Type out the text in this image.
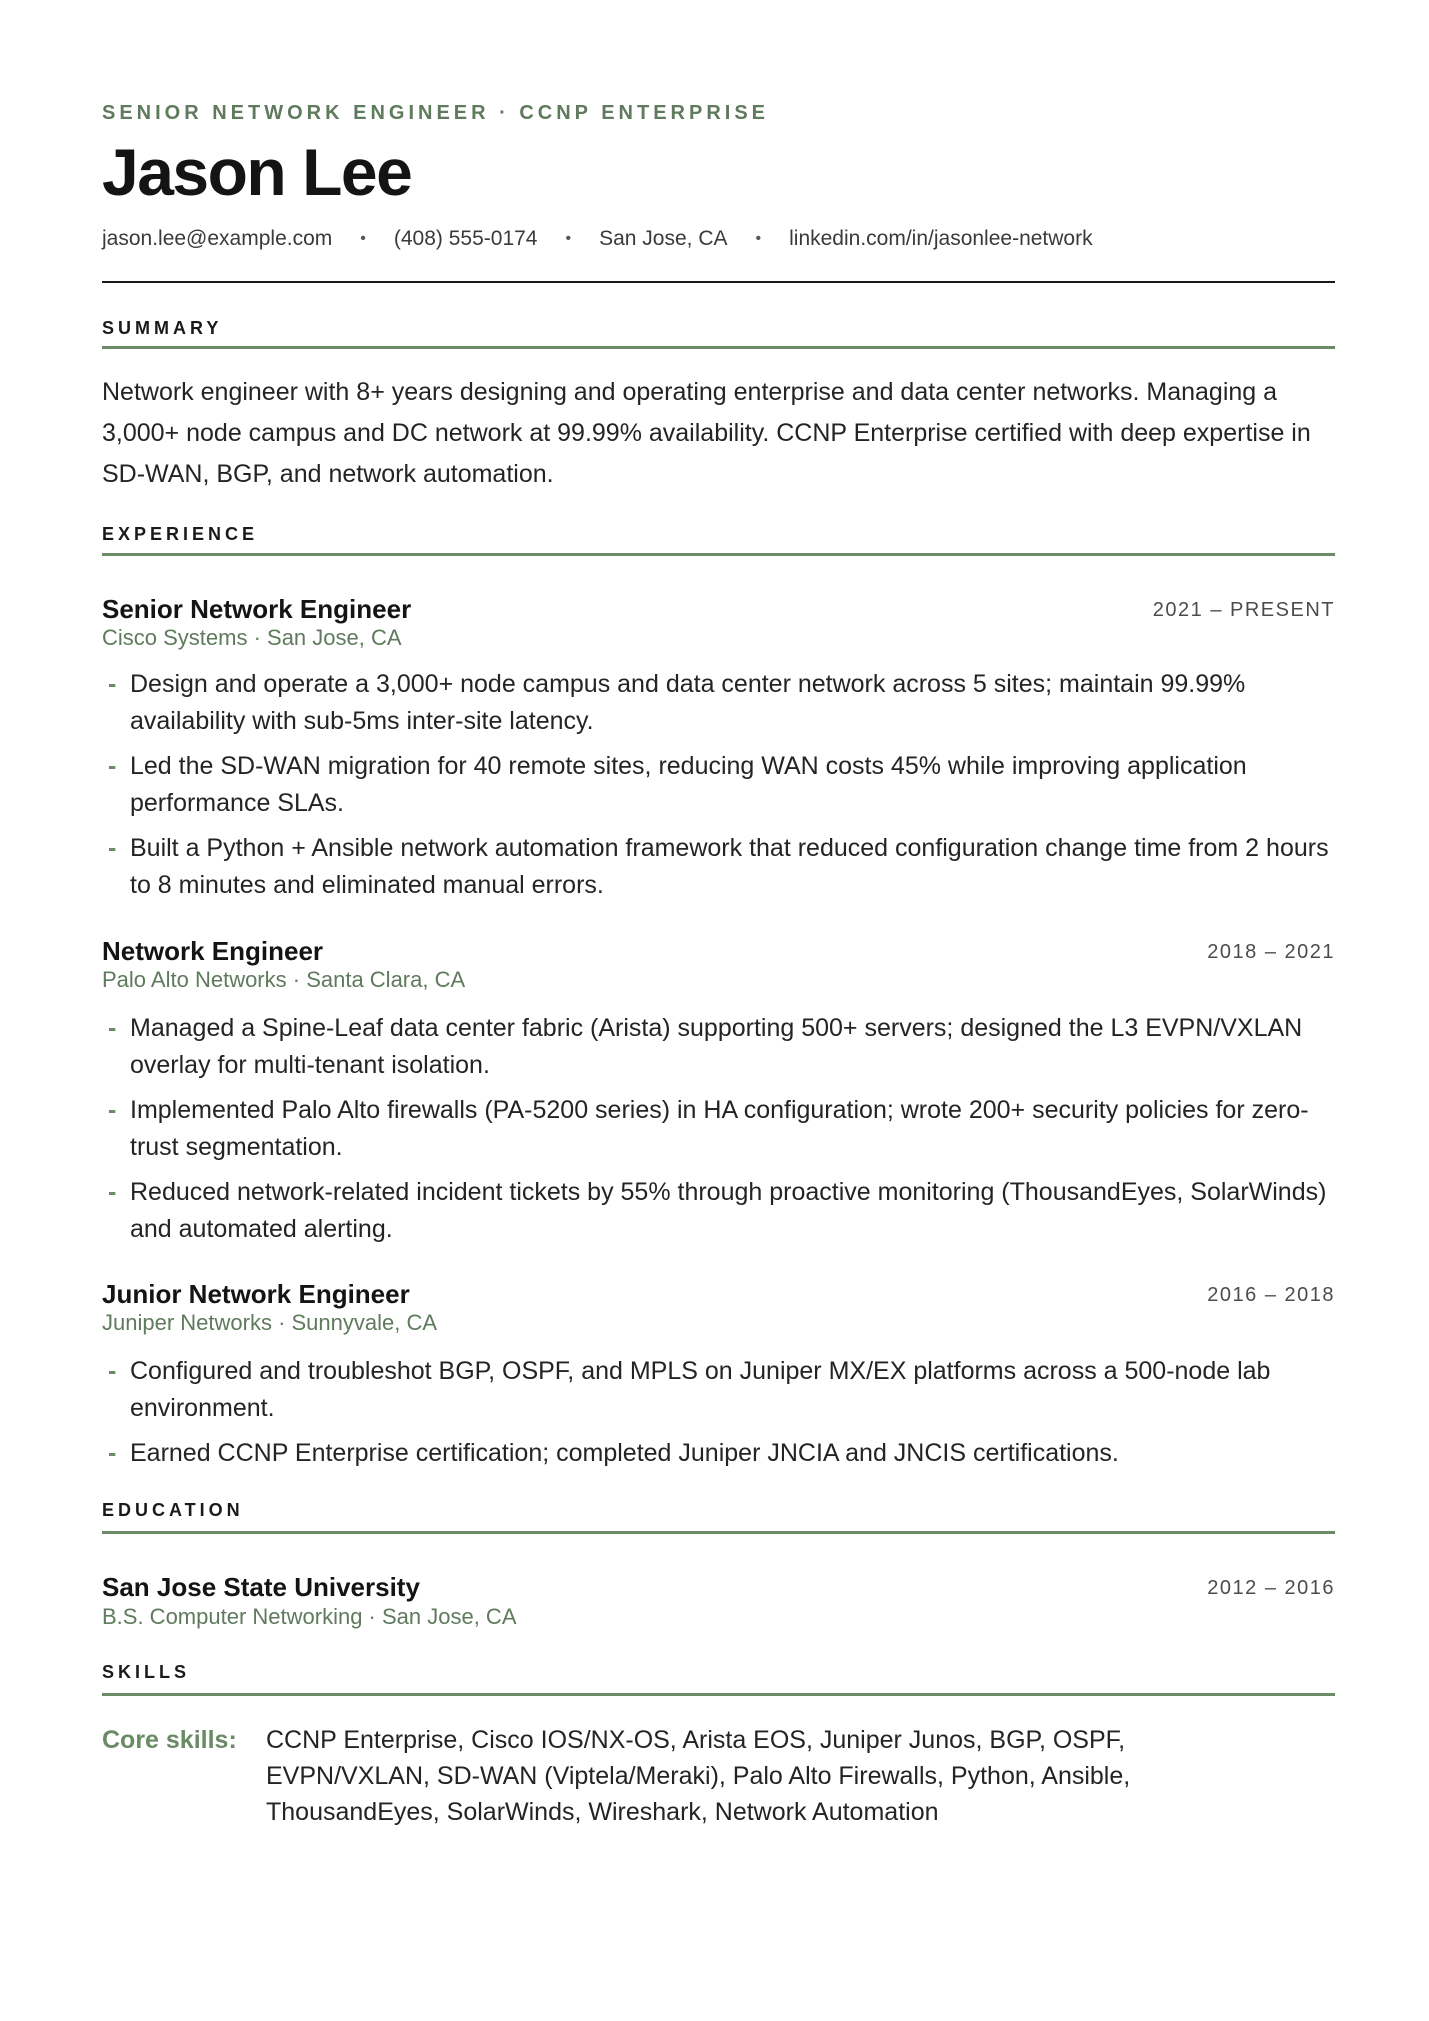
SENIOR NETWORK ENGINEER · CCNP ENTERPRISE
Jason Lee
jason.lee@example.com • (408) 555-0174 • San Jose, CA • linkedin.com/in/jasonlee-network
SUMMARY
Network engineer with 8+ years designing and operating enterprise and data center networks. Managing a 3,000+ node campus and DC network at 99.99% availability. CCNP Enterprise certified with deep expertise in SD-WAN, BGP, and network automation.
EXPERIENCE
Senior Network Engineer	2021 – PRESENT
Cisco Systems · San Jose, CA
- Design and operate a 3,000+ node campus and data center network across 5 sites; maintain 99.99% availability with sub-5ms inter-site latency.
- Led the SD-WAN migration for 40 remote sites, reducing WAN costs 45% while improving application performance SLAs.
- Built a Python + Ansible network automation framework that reduced configuration change time from 2 hours to 8 minutes and eliminated manual errors.
Network Engineer	2018 – 2021
Palo Alto Networks · Santa Clara, CA
- Managed a Spine-Leaf data center fabric (Arista) supporting 500+ servers; designed the L3 EVPN/VXLAN overlay for multi-tenant isolation.
- Implemented Palo Alto firewalls (PA-5200 series) in HA configuration; wrote 200+ security policies for zero-trust segmentation.
- Reduced network-related incident tickets by 55% through proactive monitoring (ThousandEyes, SolarWinds) and automated alerting.
Junior Network Engineer	2016 – 2018
Juniper Networks · Sunnyvale, CA
- Configured and troubleshot BGP, OSPF, and MPLS on Juniper MX/EX platforms across a 500-node lab environment.
- Earned CCNP Enterprise certification; completed Juniper JNCIA and JNCIS certifications.
EDUCATION
San Jose State University	2012 – 2016
B.S. Computer Networking · San Jose, CA
SKILLS
Core skills: CCNP Enterprise, Cisco IOS/NX-OS, Arista EOS, Juniper Junos, BGP, OSPF, EVPN/VXLAN, SD-WAN (Viptela/Meraki), Palo Alto Firewalls, Python, Ansible, ThousandEyes, SolarWinds, Wireshark, Network Automation
